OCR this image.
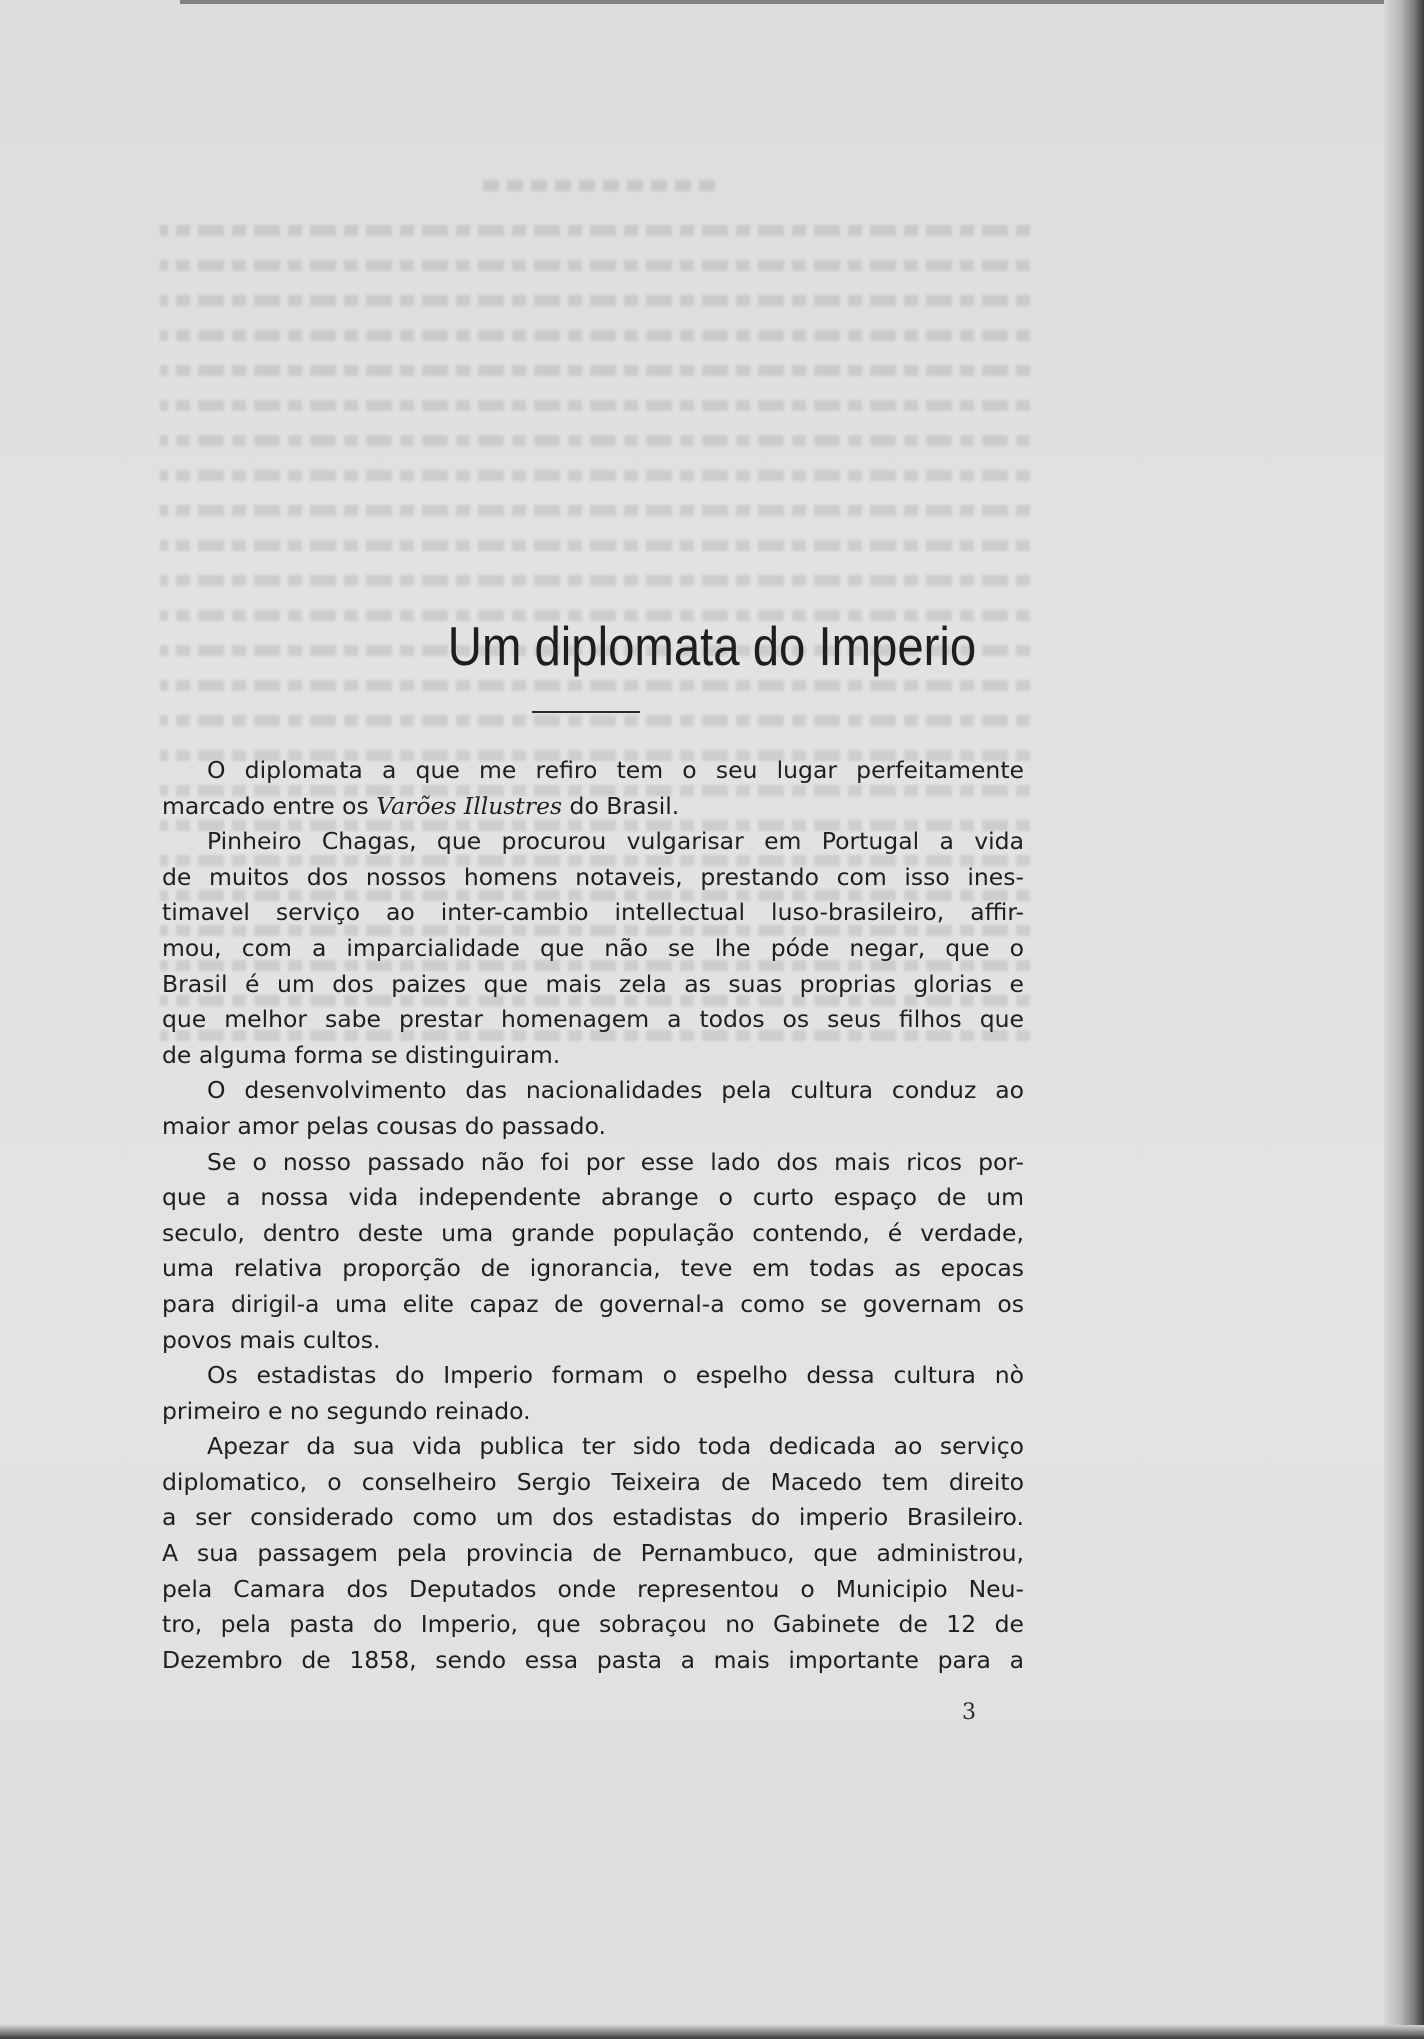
Um diplomata do Imperio
O diplomata a que me refiro tem o seu lugar perfeitamente
marcado entre os Varões Illustres do Brasil.
Pinheiro Chagas, que procurou vulgarisar em Portugal a vida
de muitos dos nossos homens notaveis, prestando com isso ines-
timavel serviço ao inter-cambio intellectual luso-brasileiro, affir-
mou, com a imparcialidade que não se lhe póde negar, que o
Brasil é um dos paizes que mais zela as suas proprias glorias e
que melhor sabe prestar homenagem a todos os seus filhos que
de alguma forma se distinguiram.
O desenvolvimento das nacionalidades pela cultura conduz ao
maior amor pelas cousas do passado.
Se o nosso passado não foi por esse lado dos mais ricos por-
que a nossa vida independente abrange o curto espaço de um
seculo, dentro deste uma grande população contendo, é verdade,
uma relativa proporção de ignorancia, teve em todas as epocas
para dirigil-a uma elite capaz de governal-a como se governam os
povos mais cultos.
Os estadistas do Imperio formam o espelho dessa cultura nò
primeiro e no segundo reinado.
Apezar da sua vida publica ter sido toda dedicada ao serviço
diplomatico, o conselheiro Sergio Teixeira de Macedo tem direito
a ser considerado como um dos estadistas do imperio Brasileiro.
A sua passagem pela provincia de Pernambuco, que administrou,
pela Camara dos Deputados onde representou o Municipio Neu-
tro, pela pasta do Imperio, que sobraçou no Gabinete de 12 de
Dezembro de 1858, sendo essa pasta a mais importante para a
3
